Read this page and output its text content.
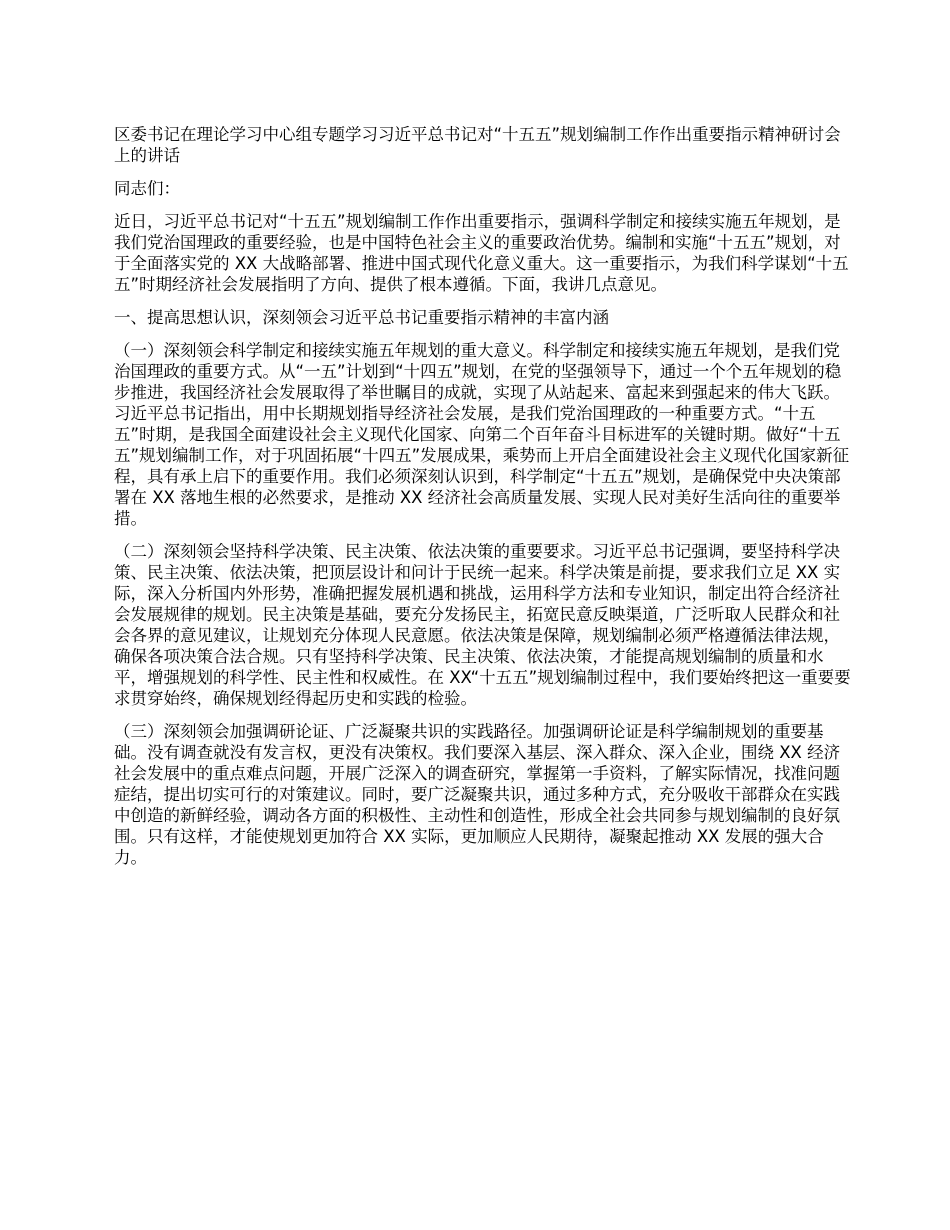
区委书记在理论学习中心组专题学习习近平总书记对“十五五”规划编制工作作出重要指示精神研讨会上的讲话

同志们：

近日，习近平总书记对“十五五”规划编制工作作出重要指示，强调科学制定和接续实施五年规划，是我们党治国理政的重要经验，也是中国特色社会主义的重要政治优势。编制和实施“十五五”规划，对于全面落实党的 XX 大战略部署、推进中国式现代化意义重大。这一重要指示，为我们科学谋划“十五五”时期经济社会发展指明了方向、提供了根本遵循。下面，我讲几点意见。

一、提高思想认识，深刻领会习近平总书记重要指示精神的丰富内涵

（一）深刻领会科学制定和接续实施五年规划的重大意义。科学制定和接续实施五年规划，是我们党治国理政的重要方式。从“一五”计划到“十四五”规划，在党的坚强领导下，通过一个个五年规划的稳步推进，我国经济社会发展取得了举世瞩目的成就，实现了从站起来、富起来到强起来的伟大飞跃。习近平总书记指出，用中长期规划指导经济社会发展，是我们党治国理政的一种重要方式。“十五五”时期，是我国全面建设社会主义现代化国家、向第二个百年奋斗目标进军的关键时期。做好“十五五”规划编制工作，对于巩固拓展“十四五”发展成果，乘势而上开启全面建设社会主义现代化国家新征程，具有承上启下的重要作用。我们必须深刻认识到，科学制定“十五五”规划，是确保党中央决策部署在 XX 落地生根的必然要求，是推动 XX 经济社会高质量发展、实现人民对美好生活向往的重要举措。

（二）深刻领会坚持科学决策、民主决策、依法决策的重要要求。习近平总书记强调，要坚持科学决策、民主决策、依法决策，把顶层设计和问计于民统一起来。科学决策是前提，要求我们立足 XX 实际，深入分析国内外形势，准确把握发展机遇和挑战，运用科学方法和专业知识，制定出符合经济社会发展规律的规划。民主决策是基础，要充分发扬民主，拓宽民意反映渠道，广泛听取人民群众和社会各界的意见建议，让规划充分体现人民意愿。依法决策是保障，规划编制必须严格遵循法律法规，确保各项决策合法合规。只有坚持科学决策、民主决策、依法决策，才能提高规划编制的质量和水平，增强规划的科学性、民主性和权威性。在 XX“十五五”规划编制过程中，我们要始终把这一重要要求贯穿始终，确保规划经得起历史和实践的检验。

（三）深刻领会加强调研论证、广泛凝聚共识的实践路径。加强调研论证是科学编制规划的重要基础。没有调查就没有发言权，更没有决策权。我们要深入基层、深入群众、深入企业，围绕 XX 经济社会发展中的重点难点问题，开展广泛深入的调查研究，掌握第一手资料，了解实际情况，找准问题症结，提出切实可行的对策建议。同时，要广泛凝聚共识，通过多种方式，充分吸收干部群众在实践中创造的新鲜经验，调动各方面的积极性、主动性和创造性，形成全社会共同参与规划编制的良好氛围。只有这样，才能使规划更加符合 XX 实际，更加顺应人民期待，凝聚起推动 XX 发展的强大合力。
